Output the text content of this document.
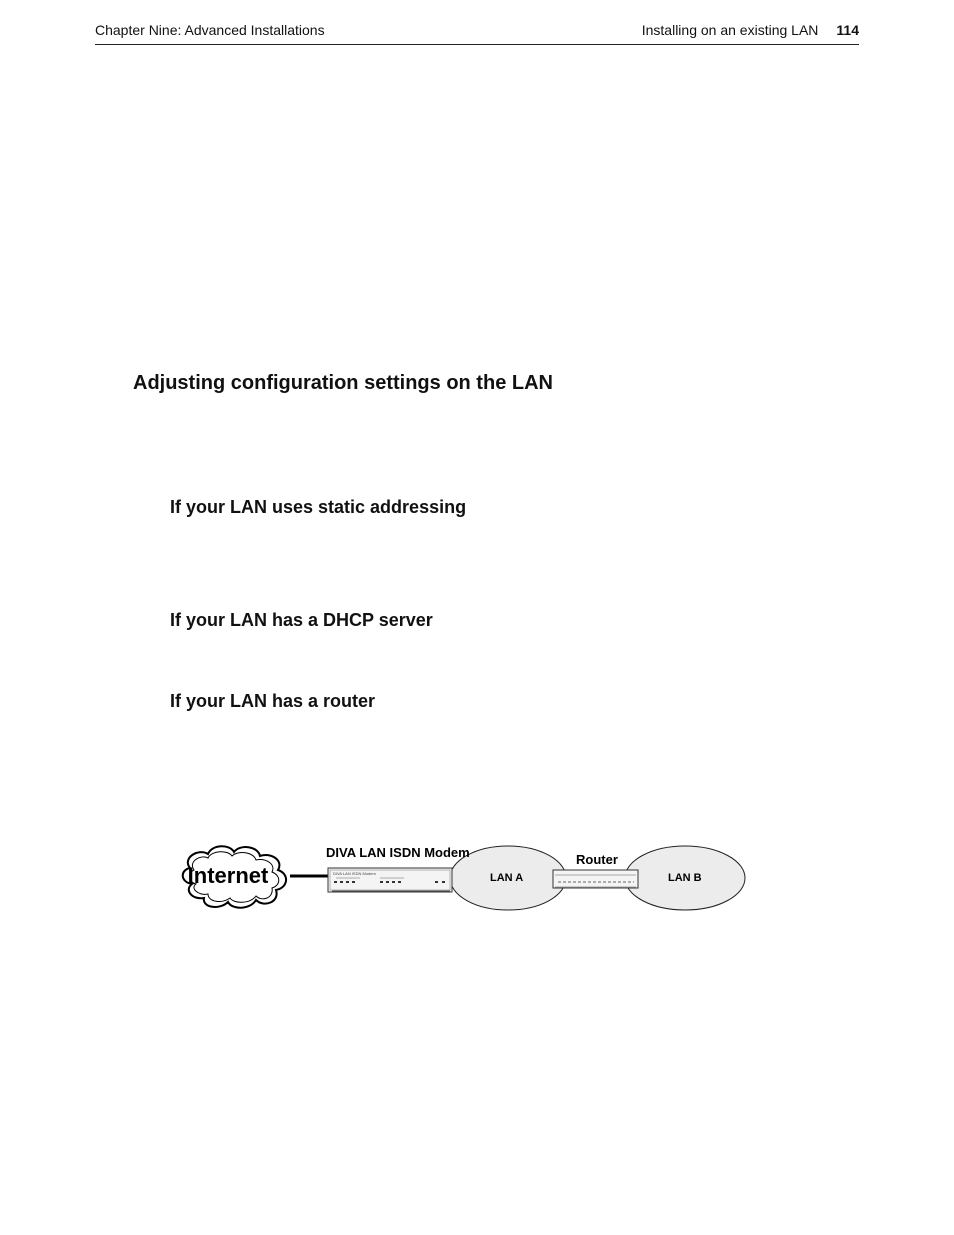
Chapter Nine: Advanced Installations	Installing on an existing LAN 114
Adjusting configuration settings on the LAN
If your LAN uses static addressing
If your LAN has a DHCP server
If your LAN has a router
Internet	DIVA LAN ISDN Modem
DIVA LAN ISDN Modem	Router
LAN A	LAN B
